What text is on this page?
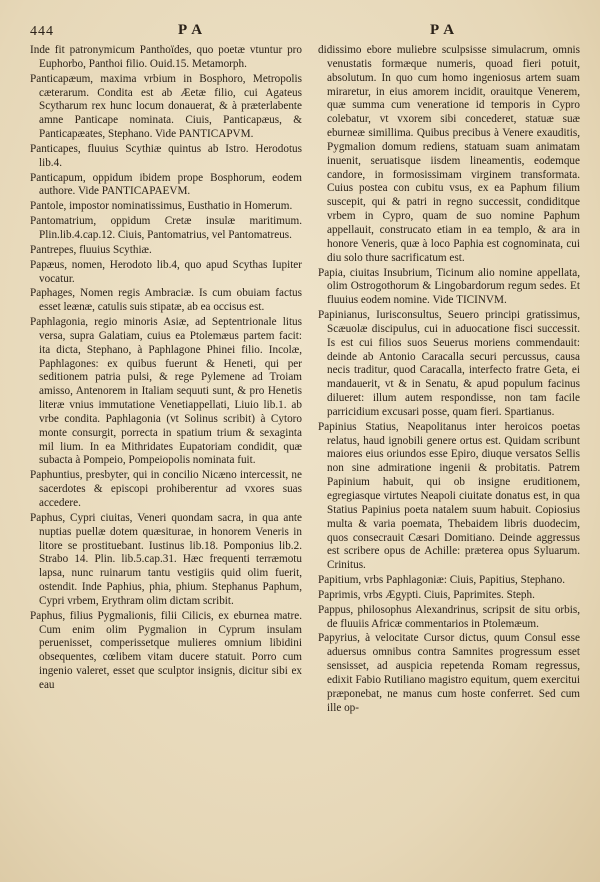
444	P A	P A

Inde fit patronymicum Panthoïdes, quo poetæ vtuntur pro Euphorbo, Panthoi filio. Ouid.15. Metamorph.

Panticapæum, maxima vrbium in Bosphoro, Metropolis cæterarum. Condita est ab Æetæ filio, cui Agateus Scytharum rex hunc locum donauerat, & à præterlabente amne Panticape nominata. Ciuis, Panticapæus, & Panticapæates, Stephano. Vide PANTICAPVM.

Panticapes, fluuius Scythiæ quintus ab Istro. Herodotus lib.4.

Panticapum, oppidum ibidem prope Bosphorum, eodem authore. Vide PANTICAPAEVM.

Pantole, impostor nominatissimus, Eusthatio in Homerum.

Pantomatrium, oppidum Cretæ insulæ maritimum. Plin.lib.4.cap.12. Ciuis, Pantomatrius, vel Pantomatreus.

Pantrepes, fluuius Scythiæ.

Papæus, nomen, Herodoto lib.4, quo apud Scythas Iupiter vocatur.

Paphages, Nomen regis Ambraciæ. Is cum obuiam factus esset leænæ, catulis suis stipatæ, ab ea occisus est.

Paphlagonia, regio minoris Asiæ, ad Septentrionale litus versa, supra Galatiam, cuius ea Ptolemæus partem facit: ita dicta, Stephano, à Paphlagone Phinei filio. Incolæ, Paphlagones: ex quibus fuerunt & Heneti, qui per seditionem patria pulsi, & rege Pylemene ad Troiam amisso, Antenorem in Italiam sequuti sunt, & pro Henetis literæ vnius immutatione Venetiappellati, Liuio lib.1. ab vrbe condita. Paphlagonia (vt Solinus scribit) à Cytoro monte consurgit, porrecta in spatium trium & sexaginta mil lium. In ea Mithridates Eupatoriam condidit, quæ subacta à Pompeio, Pompeiopolis nominata fuit.

Paphuntius, presbyter, qui in concilio Nicæno intercessit, ne sacerdotes & episcopi prohiberentur ad vxores suas accedere.

Paphus, Cypri ciuitas, Veneri quondam sacra, in qua ante nuptias puellæ dotem quæsiturae, in honorem Veneris in litore se prostituebant. Iustinus lib.18. Pomponius lib.2. Strabo 14. Plin. lib.5.cap.31. Hæc frequenti terræmotu lapsa, nunc ruinarum tantu vestigiis quid olim fuerit, ostendit. Inde Paphius, phia, phium. Stephanus Paphum, Cypri vrbem, Erythram olim dictam scribit.

Paphus, filius Pygmalionis, filii Cilicis, ex eburnea matre. Cum enim olim Pygmalion in Cyprum insulam peruenisset, comperissetque mulieres omnium libidini obsequentes, cœlibem vitam ducere statuit. Porro cum ingenio valeret, esset que sculptor insignis, dicitur sibi ex eau

didissimo ebore muliebre sculpsisse simulacrum, omnis venustatis formæque numeris, quoad fieri potuit, absolutum. In quo cum homo ingeniosus artem suam miraretur, in eius amorem incidit, orauitque Venerem, quæ summa cum veneratione id temporis in Cypro colebatur, vt vxorem sibi concederet, statuæ suæ eburneæ simillima. Quibus precibus à Venere exauditis, Pygmalion domum rediens, statuam suam animatam inuenit, seruatisque iisdem lineamentis, eodemque candore, in formosissimam virginem transformata. Cuius postea con cubitu vsus, ex ea Paphum filium suscepit, qui & patri in regno successit, condiditque vrbem in Cypro, quam de suo nomine Paphum appellauit, construcato etiam in ea templo, & ara in honore Veneris, quæ à loco Paphia est cognominata, cui diu solo thure sacrificatum est.

Papia, ciuitas Insubrium, Ticinum alio nomine appellata, olim Ostrogothorum & Lingobardorum regum sedes. Et fluuius eodem nomine. Vide TICINVM.

Papinianus, Iurisconsultus, Seuero principi gratissimus, Scæuolæ discipulus, cui in aduocatione fisci successit. Is est cui filios suos Seuerus moriens commendauit: deinde ab Antonio Caracalla securi percussus, causa necis traditur, quod Caracalla, interfecto fratre Geta, ei mandauerit, vt & in Senatu, & apud populum facinus dilueret: illum autem respondisse, non tam facile parricidium excusari posse, quam fieri. Spartianus.

Papinius Statius, Neapolitanus inter heroicos poetas relatus, haud ignobili genere ortus est. Quidam scribunt maiores eius oriundos esse Epiro, diuque versatos Sellis non sine admiratione ingenii & probitatis. Patrem Papinium habuit, qui ob insigne eruditionem, egregiasque virtutes Neapoli ciuitate donatus est, in qua Statius Papinius poeta natalem suum habuit. Copiosius multa & varia poemata, Thebaidem libris duodecim, quos consecrauit Cæsari Domitiano. Deinde aggressus est scribere opus de Achille: præterea opus Syluarum. Crinitus.

Papitium, vrbs Paphlagoniæ: Ciuis, Papitius, Stephano.

Paprimis, vrbs Ægypti. Ciuis, Paprimites. Steph.

Pappus, philosophus Alexandrinus, scripsit de situ orbis, de fluuiis Africæ commentarios in Ptolemæum.

Papyrius, à velocitate Cursor dictus, quum Consul esse aduersus omnibus contra Samnites progressum esset sensisset, ad auspicia repetenda Romam regressus, edixit Fabio Rutiliano magistro equitum, quem exercitui præponebat, ne manus cum hoste conferret. Sed cum ille op-
